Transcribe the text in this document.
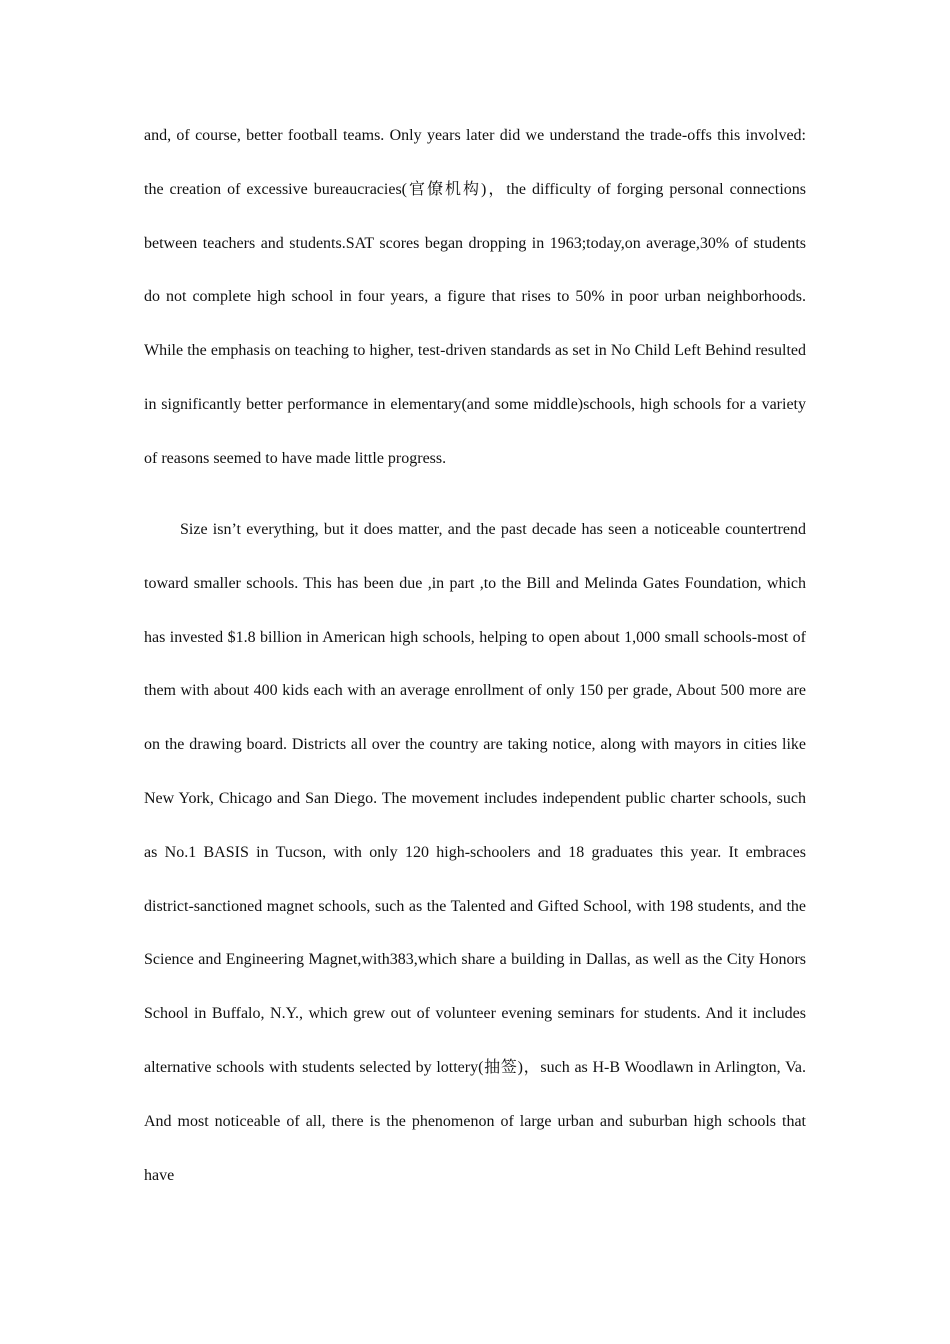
and, of course, better football teams. Only years later did we understand the trade-offs this involved: the creation of excessive bureaucracies(官僚机构)，the difficulty of forging personal connections between teachers and students.SAT scores began dropping in 1963;today,on average,30% of students do not complete high school in four years, a figure that rises to 50% in poor urban neighborhoods. While the emphasis on teaching to higher, test-driven standards as set in No Child Left Behind resulted in significantly better performance in elementary(and some middle)schools, high schools for a variety of reasons seemed to have made little progress.

Size isn’t everything, but it does matter, and the past decade has seen a noticeable countertrend toward smaller schools. This has been due ,in part ,to the Bill and Melinda Gates Foundation, which has invested $1.8 billion in American high schools, helping to open about 1,000 small schools-most of them with about 400 kids each with an average enrollment of only 150 per grade, About 500 more are on the drawing board. Districts all over the country are taking notice, along with mayors in cities like New York, Chicago and San Diego. The movement includes independent public charter schools, such as No.1 BASIS in Tucson, with only 120 high-schoolers and 18 graduates this year. It embraces district-sanctioned magnet schools, such as the Talented and Gifted School, with 198 students, and the Science and Engineering Magnet,with383,which share a building in Dallas, as well as the City Honors School in Buffalo, N.Y., which grew out of volunteer evening seminars for students. And it includes alternative schools with students selected by lottery(抽签)，such as H-B Woodlawn in Arlington, Va. And most noticeable of all, there is the phenomenon of large urban and suburban high schools that have
